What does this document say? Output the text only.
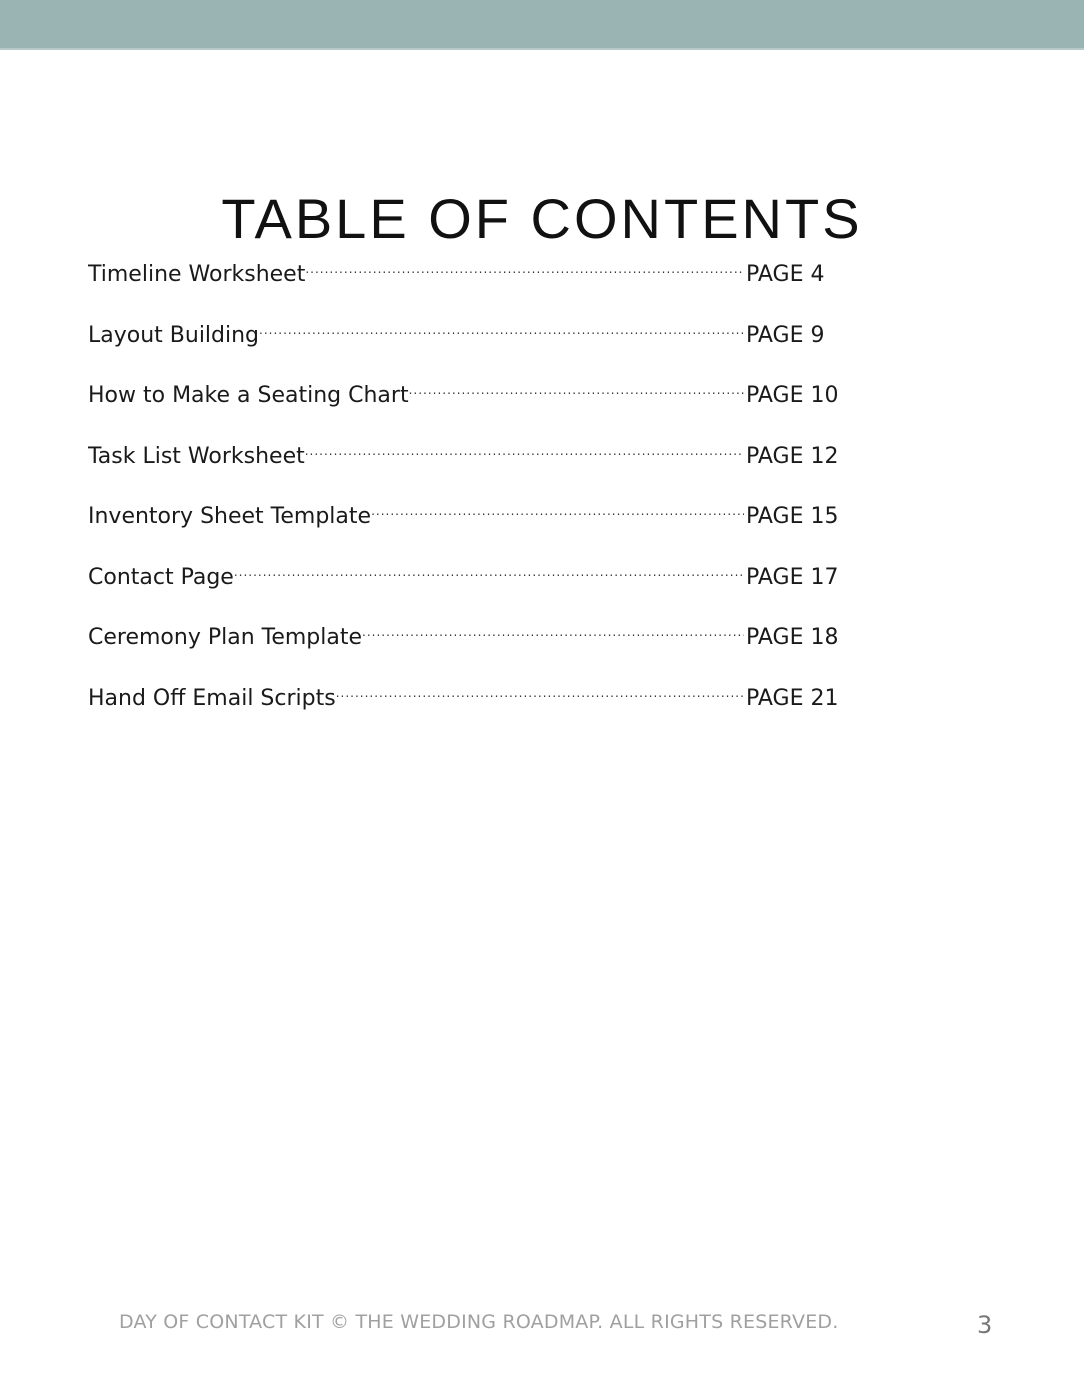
TABLE OF CONTENTS
Timeline Worksheet .....	PAGE 4
Layout Building .....	PAGE 9
How to Make a Seating Chart .....	PAGE 10
Task List Worksheet .....	PAGE 12
Inventory Sheet Template .....	PAGE 15
Contact Page .....	PAGE 17
Ceremony Plan Template .....	PAGE 18
Hand Off Email Scripts .....	PAGE 21
DAY OF CONTACT KIT © THE WEDDING ROADMAP. ALL RIGHTS RESERVED.	3
